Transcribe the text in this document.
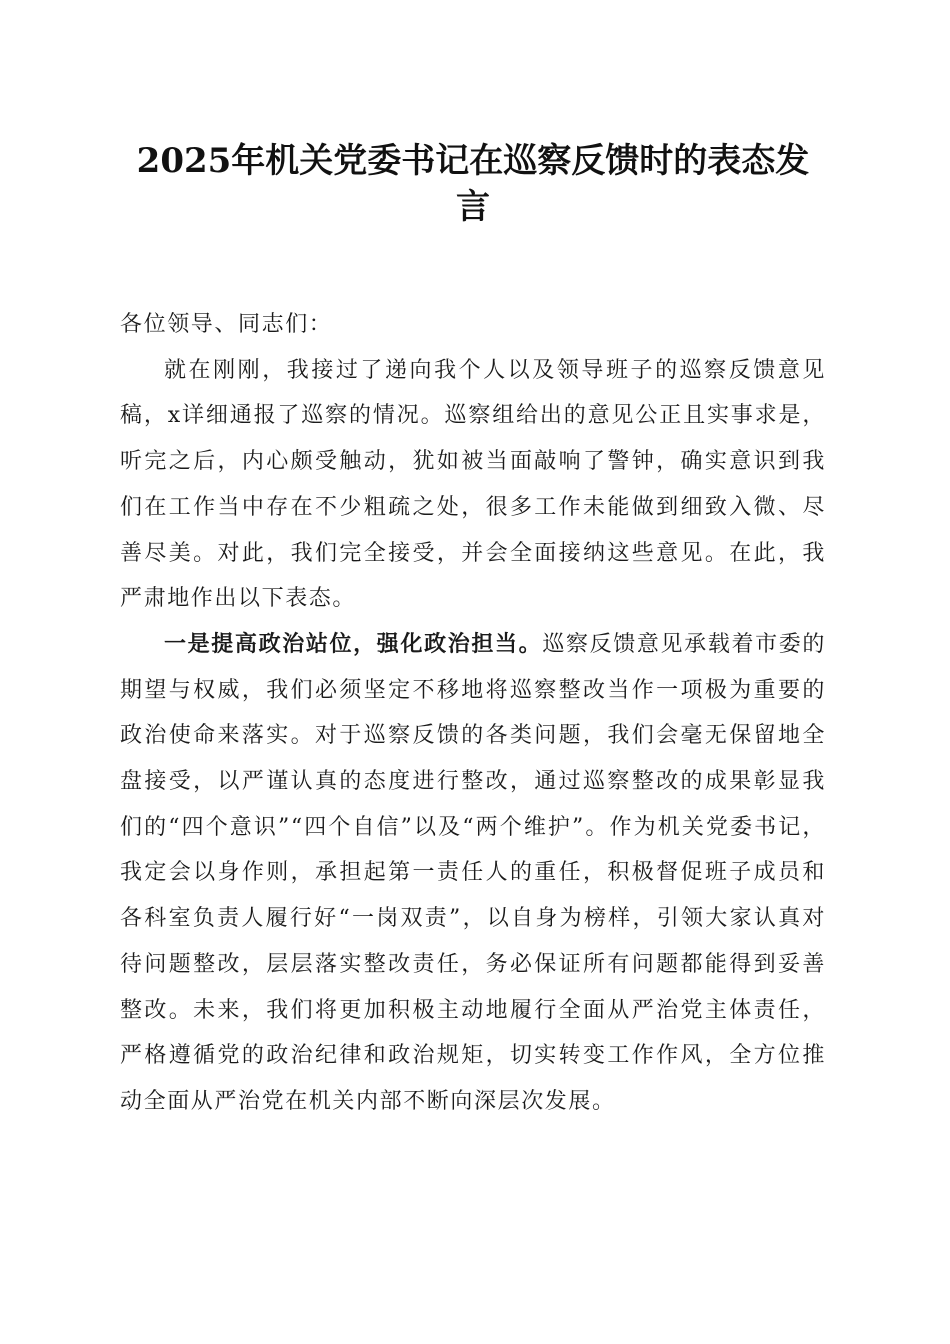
2025年机关党委书记在巡察反馈时的表态发言

各位领导、同志们：

就在刚刚，我接过了递向我个人以及领导班子的巡察反馈意见稿，x详细通报了巡察的情况。巡察组给出的意见公正且实事求是，听完之后，内心颇受触动，犹如被当面敲响了警钟，确实意识到我们在工作当中存在不少粗疏之处，很多工作未能做到细致入微、尽善尽美。对此，我们完全接受，并会全面接纳这些意见。在此，我严肃地作出以下表态。

一是提高政治站位，强化政治担当。巡察反馈意见承载着市委的期望与权威，我们必须坚定不移地将巡察整改当作一项极为重要的政治使命来落实。对于巡察反馈的各类问题，我们会毫无保留地全盘接受，以严谨认真的态度进行整改，通过巡察整改的成果彰显我们的“四个意识”“四个自信”以及“两个维护”。作为机关党委书记，我定会以身作则，承担起第一责任人的重任，积极督促班子成员和各科室负责人履行好“一岗双责”，以自身为榜样，引领大家认真对待问题整改，层层落实整改责任，务必保证所有问题都能得到妥善整改。未来，我们将更加积极主动地履行全面从严治党主体责任，严格遵循党的政治纪律和政治规矩，切实转变工作作风，全方位推动全面从严治党在机关内部不断向深层次发展。
